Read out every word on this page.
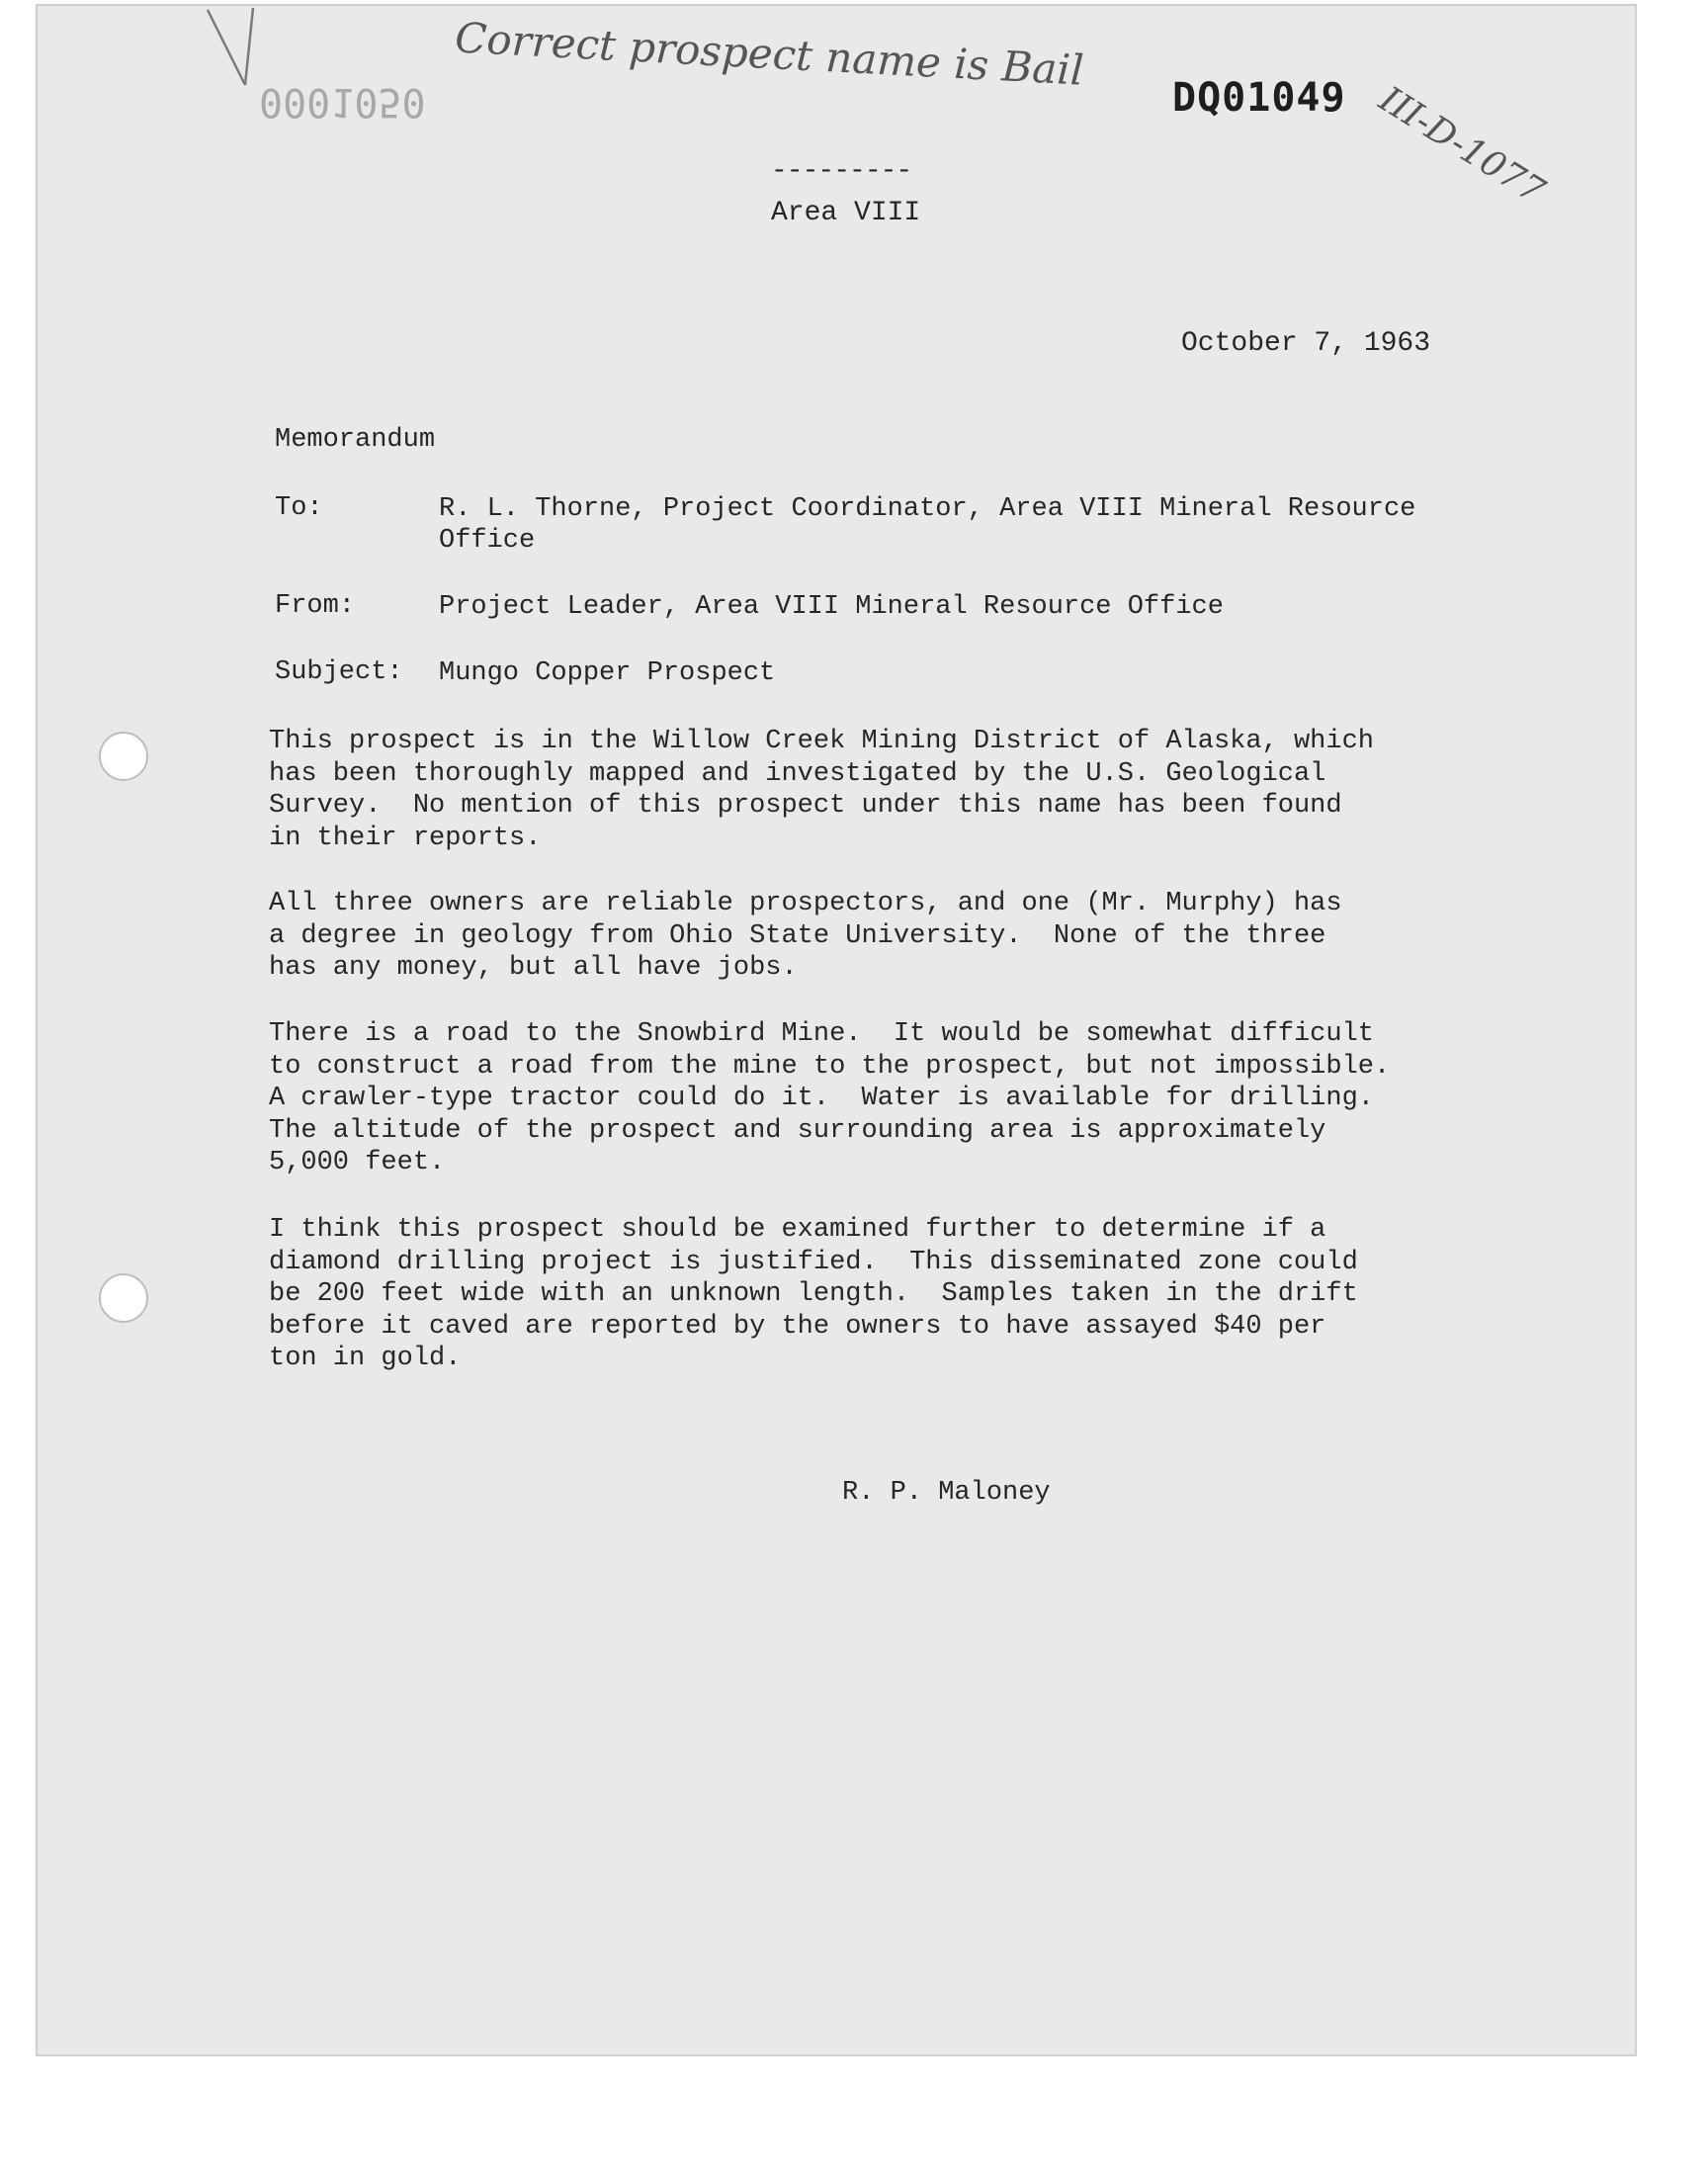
0001050
Correct prospect name is Bail
DQ01049 III-D-1077
---------
Area VIII
October 7, 1963
Memorandum
To:	R. L. Thorne, Project Coordinator, Area VIII Mineral Resource Office
From:	Project Leader, Area VIII Mineral Resource Office
Subject: Mungo Copper Prospect
This prospect is in the Willow Creek Mining District of Alaska, which
has been thoroughly mapped and investigated by the U.S. Geological
Survey.  No mention of this prospect under this name has been found
in their reports.
All three owners are reliable prospectors, and one (Mr. Murphy) has
a degree in geology from Ohio State University.  None of the three
has any money, but all have jobs.
There is a road to the Snowbird Mine.  It would be somewhat difficult
to construct a road from the mine to the prospect, but not impossible.
A crawler-type tractor could do it.  Water is available for drilling.
The altitude of the prospect and surrounding area is approximately
5,000 feet.
I think this prospect should be examined further to determine if a
diamond drilling project is justified.  This disseminated zone could
be 200 feet wide with an unknown length.  Samples taken in the drift
before it caved are reported by the owners to have assayed $40 per
ton in gold.
R. P. Maloney
